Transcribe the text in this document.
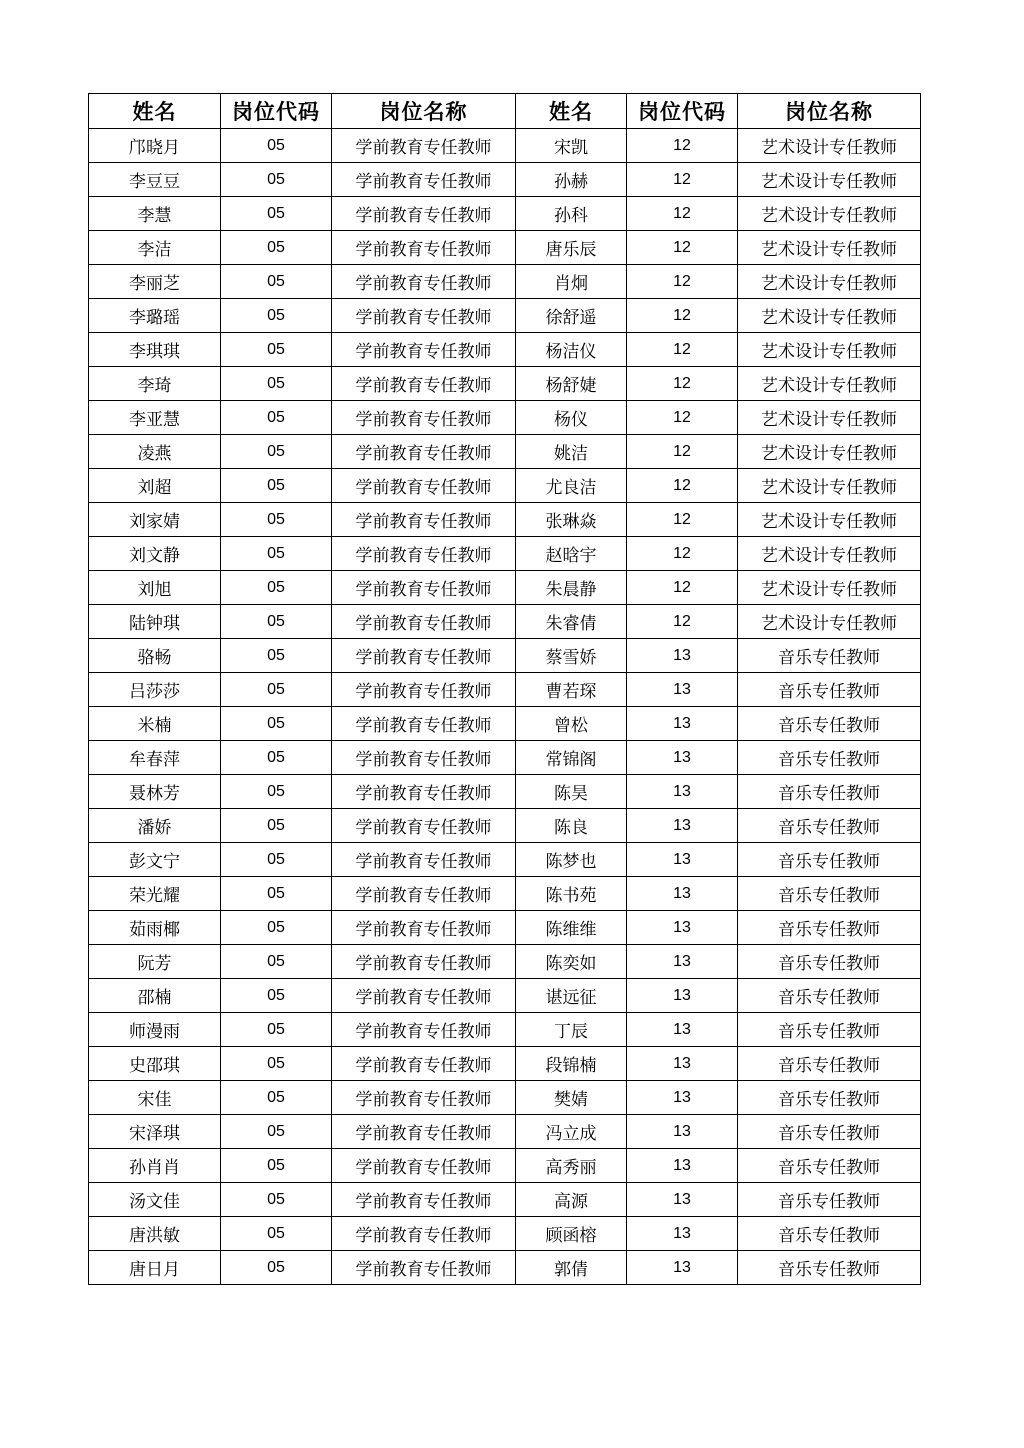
姓名	岗位代码	岗位名称	姓名	岗位代码	岗位名称
邝晓月	05	学前教育专任教师	宋凯	12	艺术设计专任教师
李豆豆	05	学前教育专任教师	孙赫	12	艺术设计专任教师
李慧	05	学前教育专任教师	孙科	12	艺术设计专任教师
李洁	05	学前教育专任教师	唐乐辰	12	艺术设计专任教师
李丽芝	05	学前教育专任教师	肖炯	12	艺术设计专任教师
李璐瑶	05	学前教育专任教师	徐舒遥	12	艺术设计专任教师
李琪琪	05	学前教育专任教师	杨洁仪	12	艺术设计专任教师
李琦	05	学前教育专任教师	杨舒婕	12	艺术设计专任教师
李亚慧	05	学前教育专任教师	杨仪	12	艺术设计专任教师
凌燕	05	学前教育专任教师	姚洁	12	艺术设计专任教师
刘超	05	学前教育专任教师	尤良洁	12	艺术设计专任教师
刘家婧	05	学前教育专任教师	张琳焱	12	艺术设计专任教师
刘文静	05	学前教育专任教师	赵晗宇	12	艺术设计专任教师
刘旭	05	学前教育专任教师	朱晨静	12	艺术设计专任教师
陆钟琪	05	学前教育专任教师	朱睿倩	12	艺术设计专任教师
骆畅	05	学前教育专任教师	蔡雪娇	13	音乐专任教师
吕莎莎	05	学前教育专任教师	曹若琛	13	音乐专任教师
米楠	05	学前教育专任教师	曾松	13	音乐专任教师
牟春萍	05	学前教育专任教师	常锦阁	13	音乐专任教师
聂林芳	05	学前教育专任教师	陈昊	13	音乐专任教师
潘娇	05	学前教育专任教师	陈良	13	音乐专任教师
彭文宁	05	学前教育专任教师	陈梦也	13	音乐专任教师
荣光耀	05	学前教育专任教师	陈书苑	13	音乐专任教师
茹雨椰	05	学前教育专任教师	陈维维	13	音乐专任教师
阮芳	05	学前教育专任教师	陈奕如	13	音乐专任教师
邵楠	05	学前教育专任教师	谌远征	13	音乐专任教师
师漫雨	05	学前教育专任教师	丁辰	13	音乐专任教师
史邵琪	05	学前教育专任教师	段锦楠	13	音乐专任教师
宋佳	05	学前教育专任教师	樊婧	13	音乐专任教师
宋泽琪	05	学前教育专任教师	冯立成	13	音乐专任教师
孙肖肖	05	学前教育专任教师	高秀丽	13	音乐专任教师
汤文佳	05	学前教育专任教师	高源	13	音乐专任教师
唐洪敏	05	学前教育专任教师	顾函榕	13	音乐专任教师
唐日月	05	学前教育专任教师	郭倩	13	音乐专任教师
